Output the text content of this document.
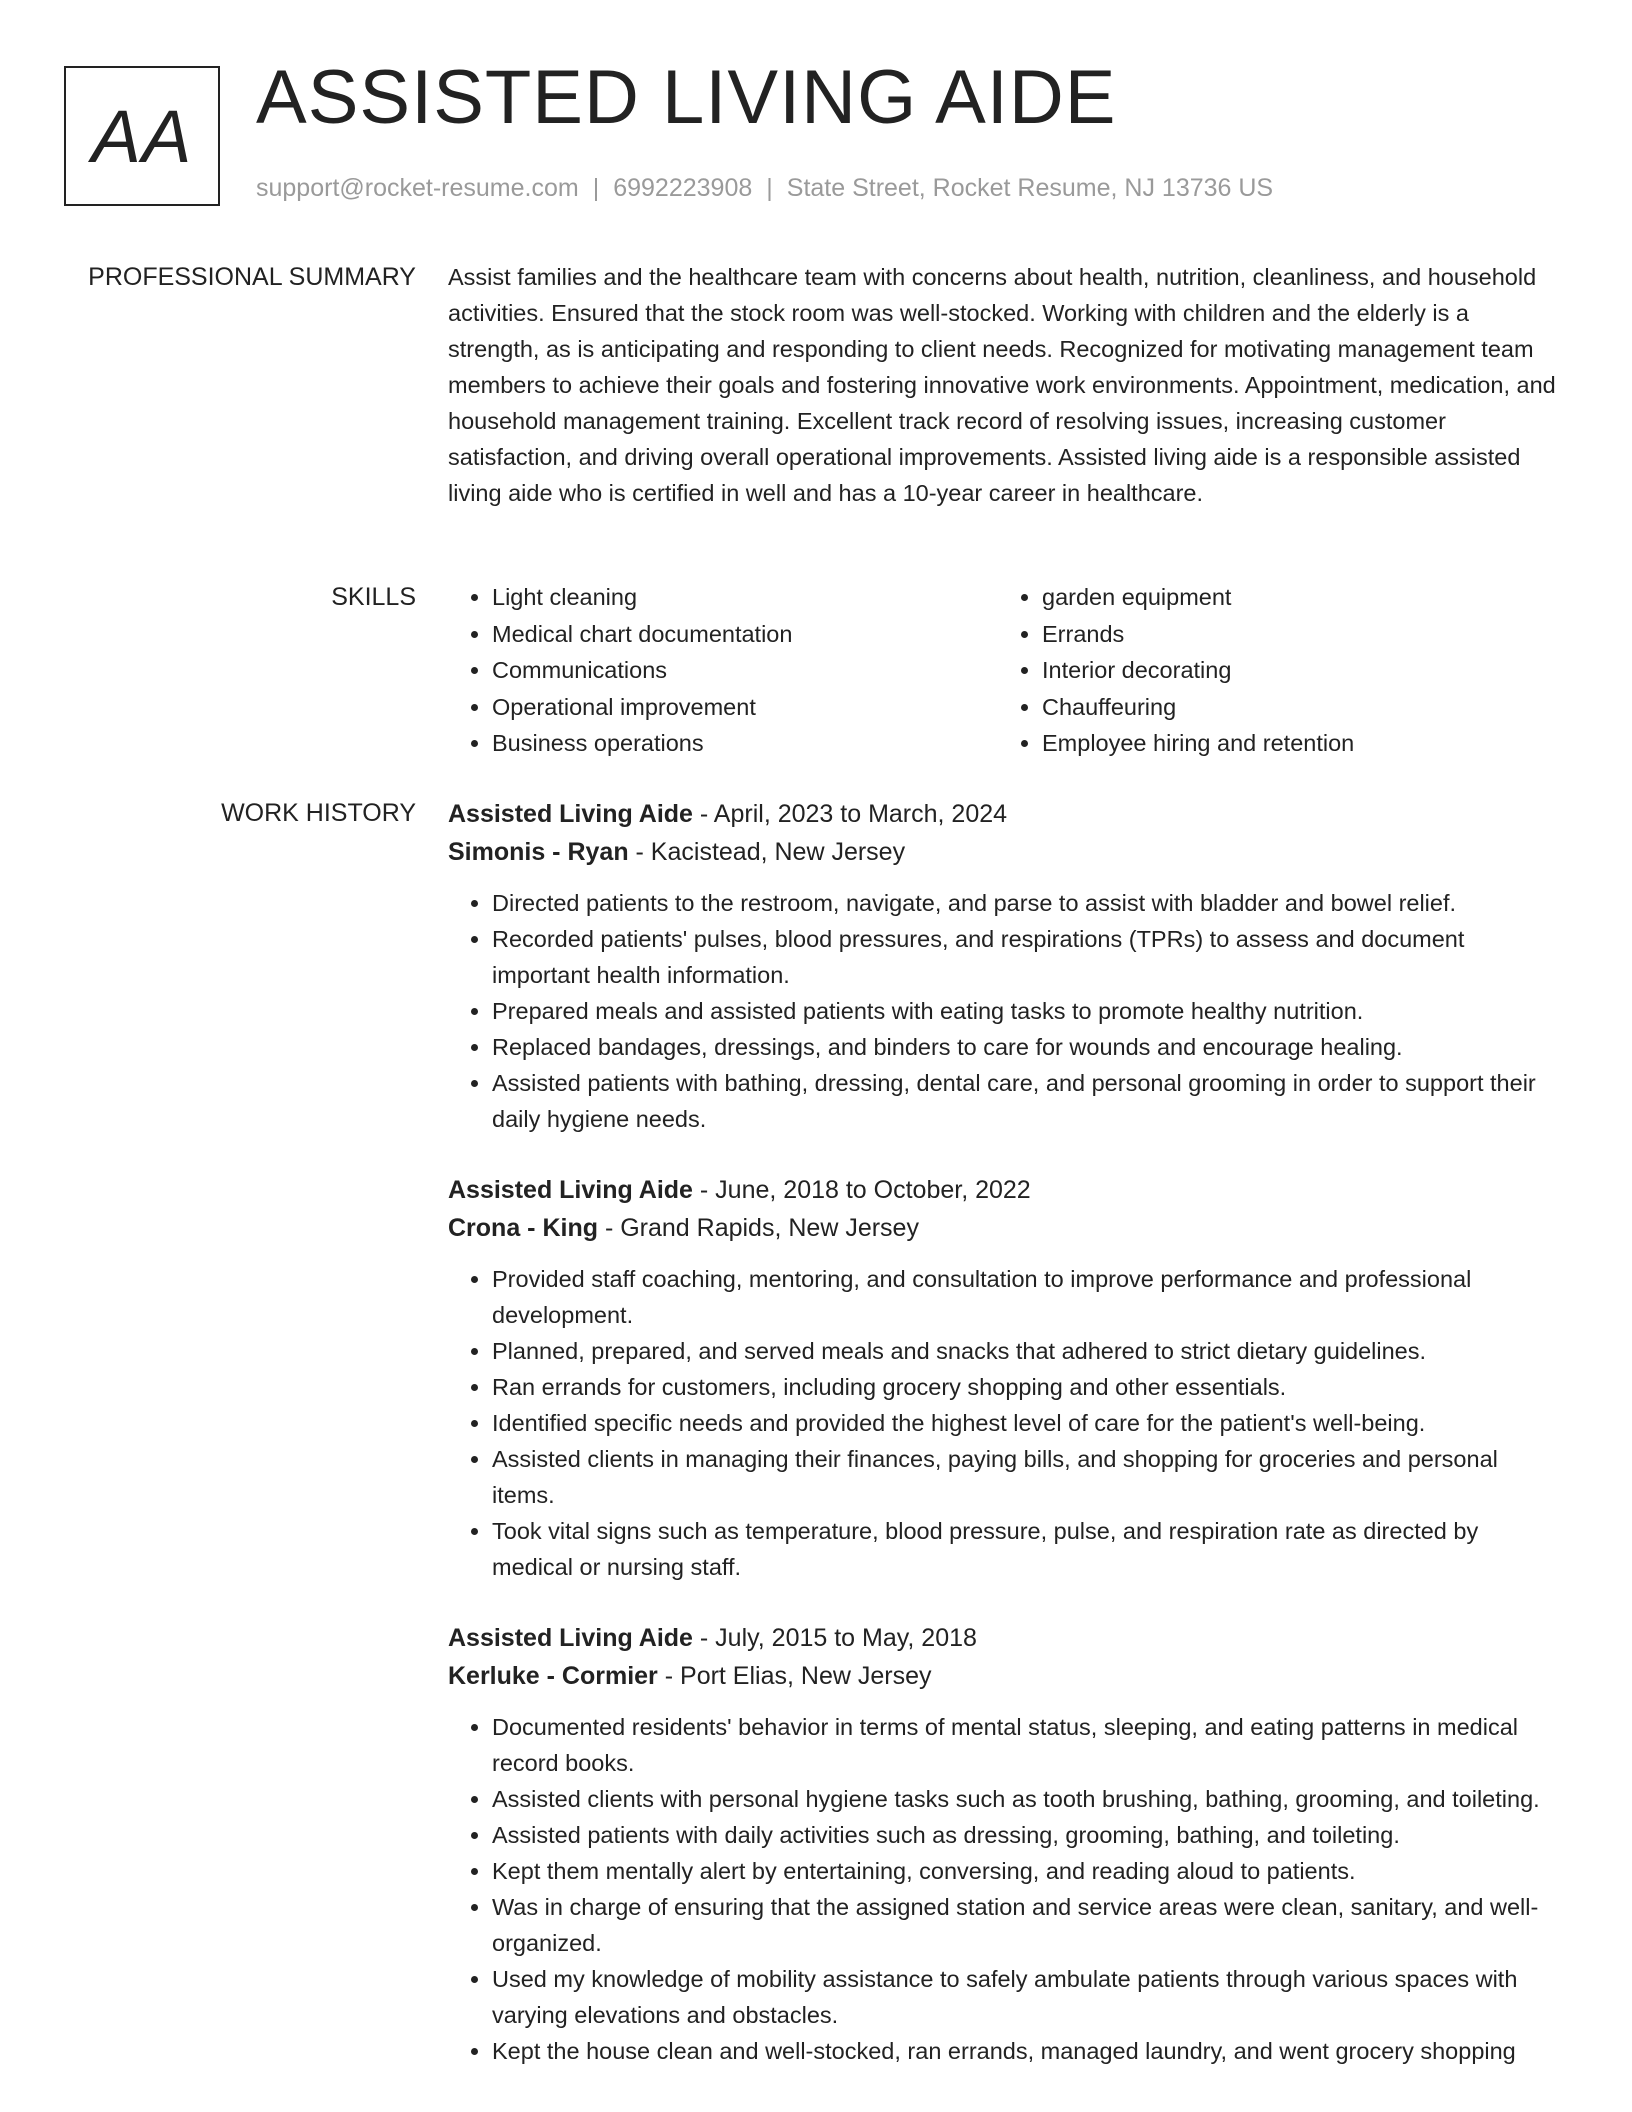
AA ASSISTED LIVING AIDE
support@rocket-resume.com | 6992223908 | State Street, Rocket Resume, NJ 13736 US
PROFESSIONAL SUMMARY Assist families and the healthcare team with concerns about health, nutrition, cleanliness, and household activities. Ensured that the stock room was well-stocked. Working with children and the elderly is a strength, as is anticipating and responding to client needs. Recognized for motivating management team members to achieve their goals and fostering innovative work environments. Appointment, medication, and household management training. Excellent track record of resolving issues, increasing customer satisfaction, and driving overall operational improvements. Assisted living aide is a responsible assisted living aide who is certified in well and has a 10-year career in healthcare.

SKILLS
•	Light cleaning
• Medical chart documentation
• Communications
• Operational improvement
• Business operations
• garden equipment
• Errands
• Interior decorating
• Chauffeuring
• Employee hiring and retention
WORK HISTORY Assisted Living Aide - April, 2023 to March, 2024
Simonis - Ryan - Kacistead, New Jersey
• Directed patients to the restroom, navigate, and parse to assist with bladder and bowel relief.
• Recorded patients' pulses, blood pressures, and respirations (TPRs) to assess and document important health information.
• Prepared meals and assisted patients with eating tasks to promote healthy nutrition.
• Replaced bandages, dressings, and binders to care for wounds and encourage healing.
• Assisted patients with bathing, dressing, dental care, and personal grooming in order to support their daily hygiene needs.
Assisted Living Aide - June, 2018 to October, 2022
Crona - King - Grand Rapids, New Jersey
• Provided staff coaching, mentoring, and consultation to improve performance and professional development.
• Planned, prepared, and served meals and snacks that adhered to strict dietary guidelines.
• Ran errands for customers, including grocery shopping and other essentials.
• Identified specific needs and provided the highest level of care for the patient's well-being.
• Assisted clients in managing their finances, paying bills, and shopping for groceries and personal items.
• Took vital signs such as temperature, blood pressure, pulse, and respiration rate as directed by medical or nursing staff.
Assisted Living Aide - July, 2015 to May, 2018
Kerluke - Cormier - Port Elias, New Jersey
• Documented residents' behavior in terms of mental status, sleeping, and eating patterns in medical record books.
• Assisted clients with personal hygiene tasks such as tooth brushing, bathing, grooming, and toileting.
• Assisted patients with daily activities such as dressing, grooming, bathing, and toileting.
• Kept them mentally alert by entertaining, conversing, and reading aloud to patients.
• Was in charge of ensuring that the assigned station and service areas were clean, sanitary, and well-organized.
• Used my knowledge of mobility assistance to safely ambulate patients through various spaces with varying elevations and obstacles.
• Kept the house clean and well-stocked, ran errands, managed laundry, and went grocery shopping
